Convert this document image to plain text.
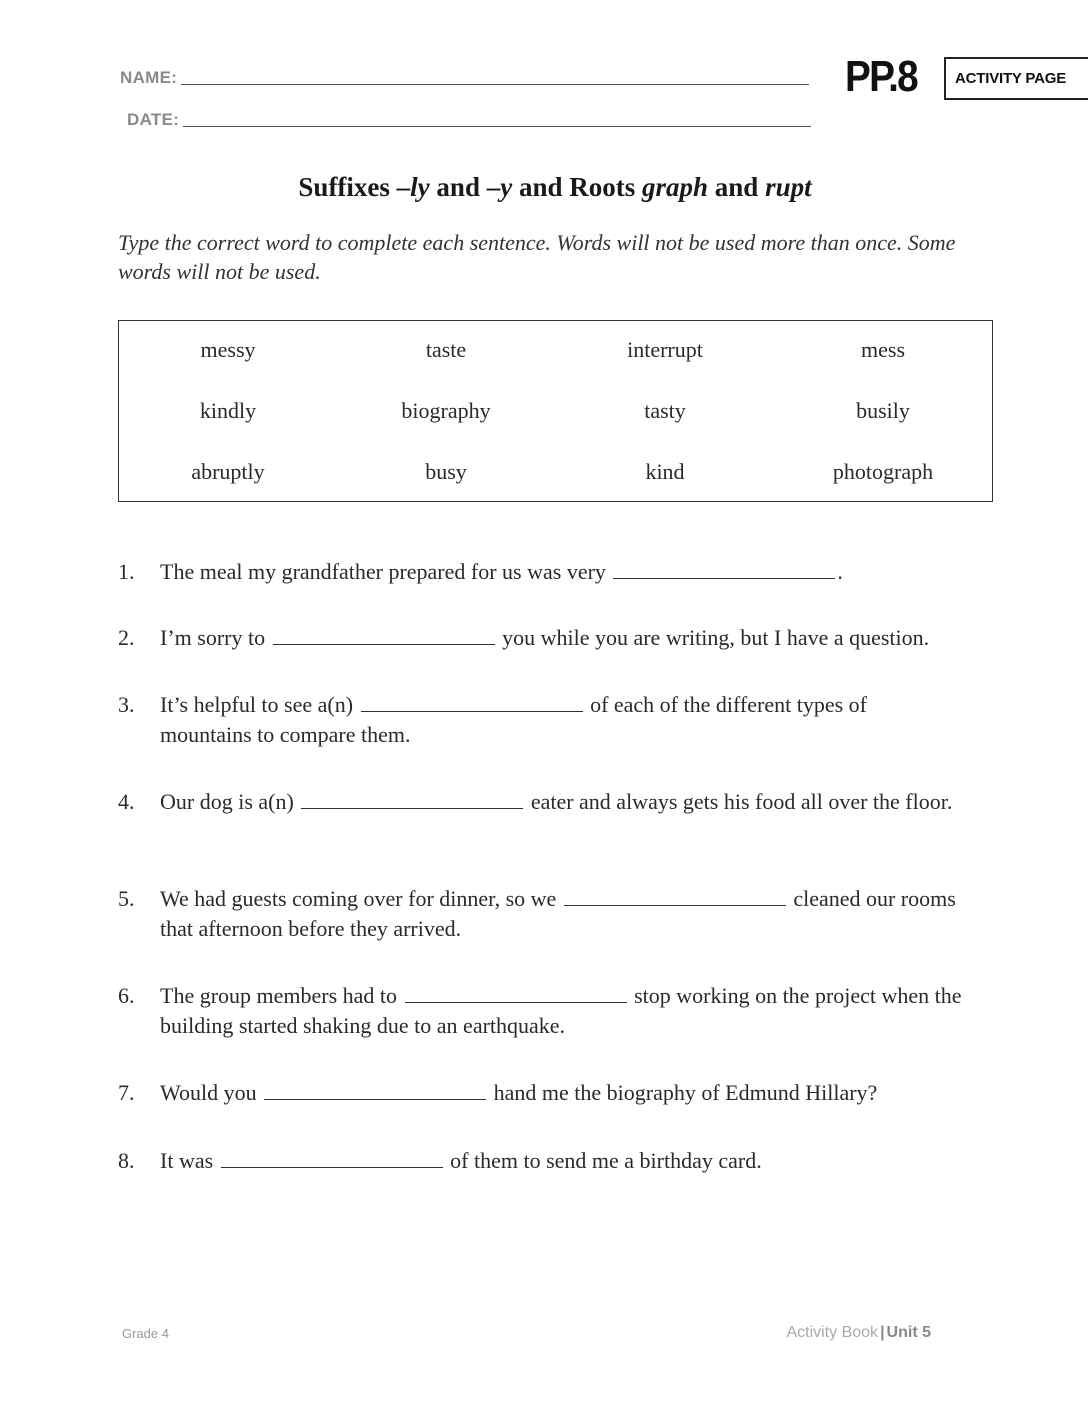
NAME:
DATE:
PP.8	ACTIVITY PAGE
Suffixes –ly and –y and Roots graph and rupt
Type the correct word to complete each sentence. Words will not be used more than once. Some words will not be used.
messy	taste	interrupt	mess
kindly	biography	tasty	busily
abruptly	busy	kind	photograph
1.	The meal my grandfather prepared for us was very	.
2.	I’m sorry to	you while you are writing, but I have a question.
3.	It’s helpful to see a(n)	of each of the different types of mountains to compare them.
4.	Our dog is a(n)	eater and always gets his food all over the floor.
5.	We had guests coming over for dinner, so we	cleaned our rooms that afternoon before they arrived.
6.	The group members had to	stop working on the project when the building started shaking due to an earthquake.
7.	Would you	hand me the biography of Edmund Hillary?
8.	It was	of them to send me a birthday card.
Grade 4	Activity Book | Unit 5
